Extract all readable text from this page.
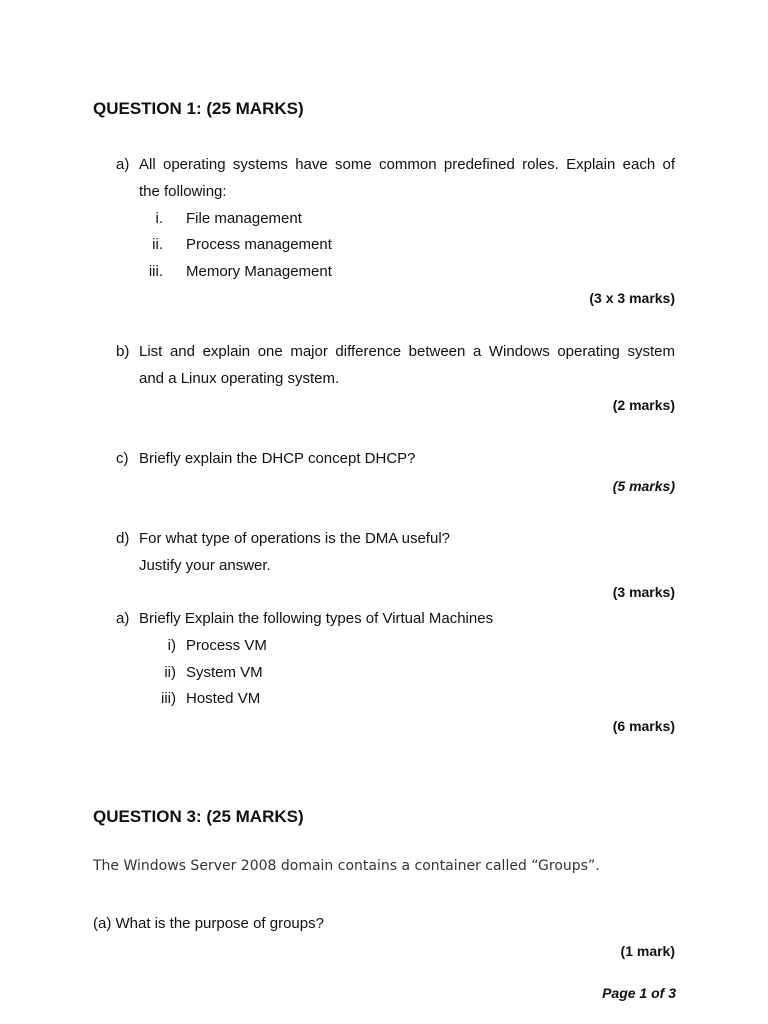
QUESTION 1: (25 MARKS)
a) All operating systems have some common predefined roles. Explain each of
the following:
i. File management
ii. Process management
iii. Memory Management
(3 x 3 marks)
b) List and explain one major difference between a Windows operating system
and a Linux operating system.
(2 marks)
c) Briefly explain the DHCP concept DHCP?
(5 marks)
d) For what type of operations is the DMA useful?
Justify your answer.
(3 marks)
a) Briefly Explain the following types of Virtual Machines
i) Process VM
ii) System VM
iii) Hosted VM
(6 marks)
QUESTION 3: (25 MARKS)
The Windows Server 2008 domain contains a container called “Groups”.
(a) What is the purpose of groups?
(1 mark)
Page 1 of 3
